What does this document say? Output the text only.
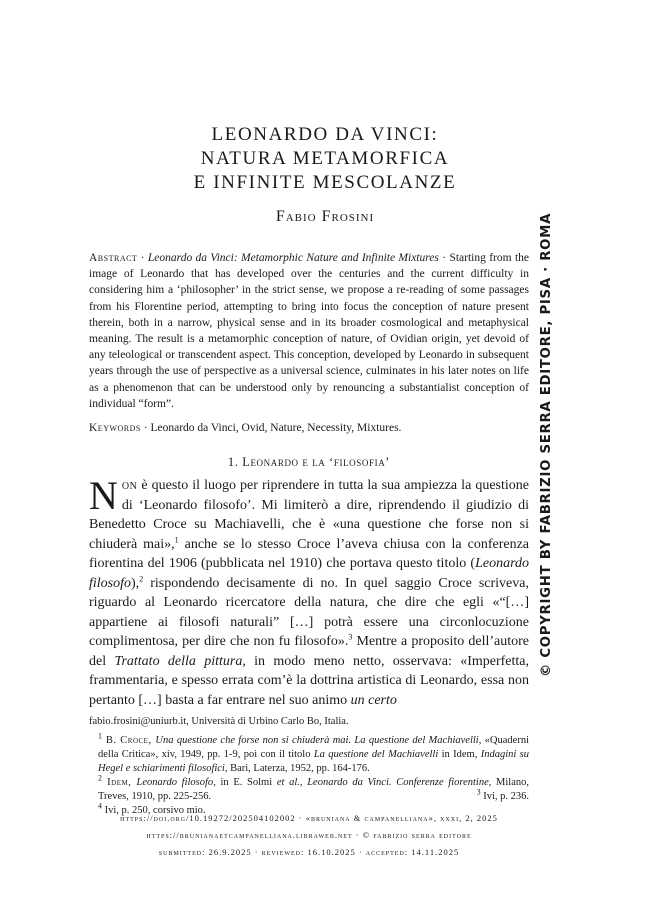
LEONARDO DA VINCI:
NATURA METAMORFICA
E INFINITE MESCOLANZE
Fabio Frosini
Abstract · Leonardo da Vinci: Metamorphic Nature and Infinite Mixtures · Starting from the image of Leonardo that has developed over the centuries and the current difficulty in considering him a ‘philosopher’ in the strict sense, we propose a re-reading of some passages from his Florentine period, attempting to bring into focus the conception of nature present therein, both in a narrow, physical sense and in its broader cosmological and metaphysical meaning. The result is a metamorphic conception of nature, of Ovidian origin, yet devoid of any teleological or transcendent aspect. This conception, developed by Leonardo in subsequent years through the use of perspective as a universal science, culminates in his later notes on life as a phenomenon that can be understood only by renouncing a substantialist conception of individual “form”.
Keywords · Leonardo da Vinci, Ovid, Nature, Necessity, Mixtures.
1. Leonardo e la ‘filosofia’
Non è questo il luogo per riprendere in tutta la sua ampiezza la questione di ‘Leonardo filosofo’. Mi limiterò a dire, riprendendo il giudizio di Benedetto Croce su Machiavelli, che è «una questione che forse non si chiuderà mai»,$^1$ anche se lo stesso Croce l’aveva chiusa con la conferenza fiorentina del 1906 (pubblicata nel 1910) che portava questo titolo (Leonardo filosofo),$^2$ rispondendo decisamente di no. In quel saggio Croce scriveva, riguardo al Leonardo ricercatore della natura, che dire che egli «“[…] appartiene ai filosofi naturali” […] potrà essere una circonlocuzione complimentosa, per dire che non fu filosofo».$^3$ Mentre a proposito dell’autore del Trattato della pittura, in modo meno netto, osservava: «Imperfetta, frammentaria, e spesso errata com’è la dottrina artistica di Leonardo, essa non pertanto […] basta a far entrare nel suo animo un certo
fabio.frosini@uniurb.it, Università di Urbino Carlo Bo, Italia.
$^1$ B. Croce, Una questione che forse non si chiuderà mai. La questione del Machiavelli, «Quaderni della Critica», xiv, 1949, pp. 1-9, poi con il titolo La questione del Machiavelli in Idem, Indagini su Hegel e schiarimenti filosofici, Bari, Laterza, 1952, pp. 164-176.
$^2$ Idem, Leonardo filosofo, in E. Solmi et al., Leonardo da Vinci. Conferenze fiorentine, Milano, Treves, 1910, pp. 225-256.	$^3$ Ivi, p. 236.
$^4$ Ivi, p. 250, corsivo mio.
https://doi.org/10.19272/202504102002 · «bruniana & campanelliana», xxxi, 2, 2025
https://brunianaetcampanelliana.libraweb.net · © fabrizio serra editore
submitted: 26.9.2025 · reviewed: 16.10.2025 · accepted: 14.11.2025
© COPYRIGHT BY FABRIZIO SERRA EDITORE, PISA · ROMA
